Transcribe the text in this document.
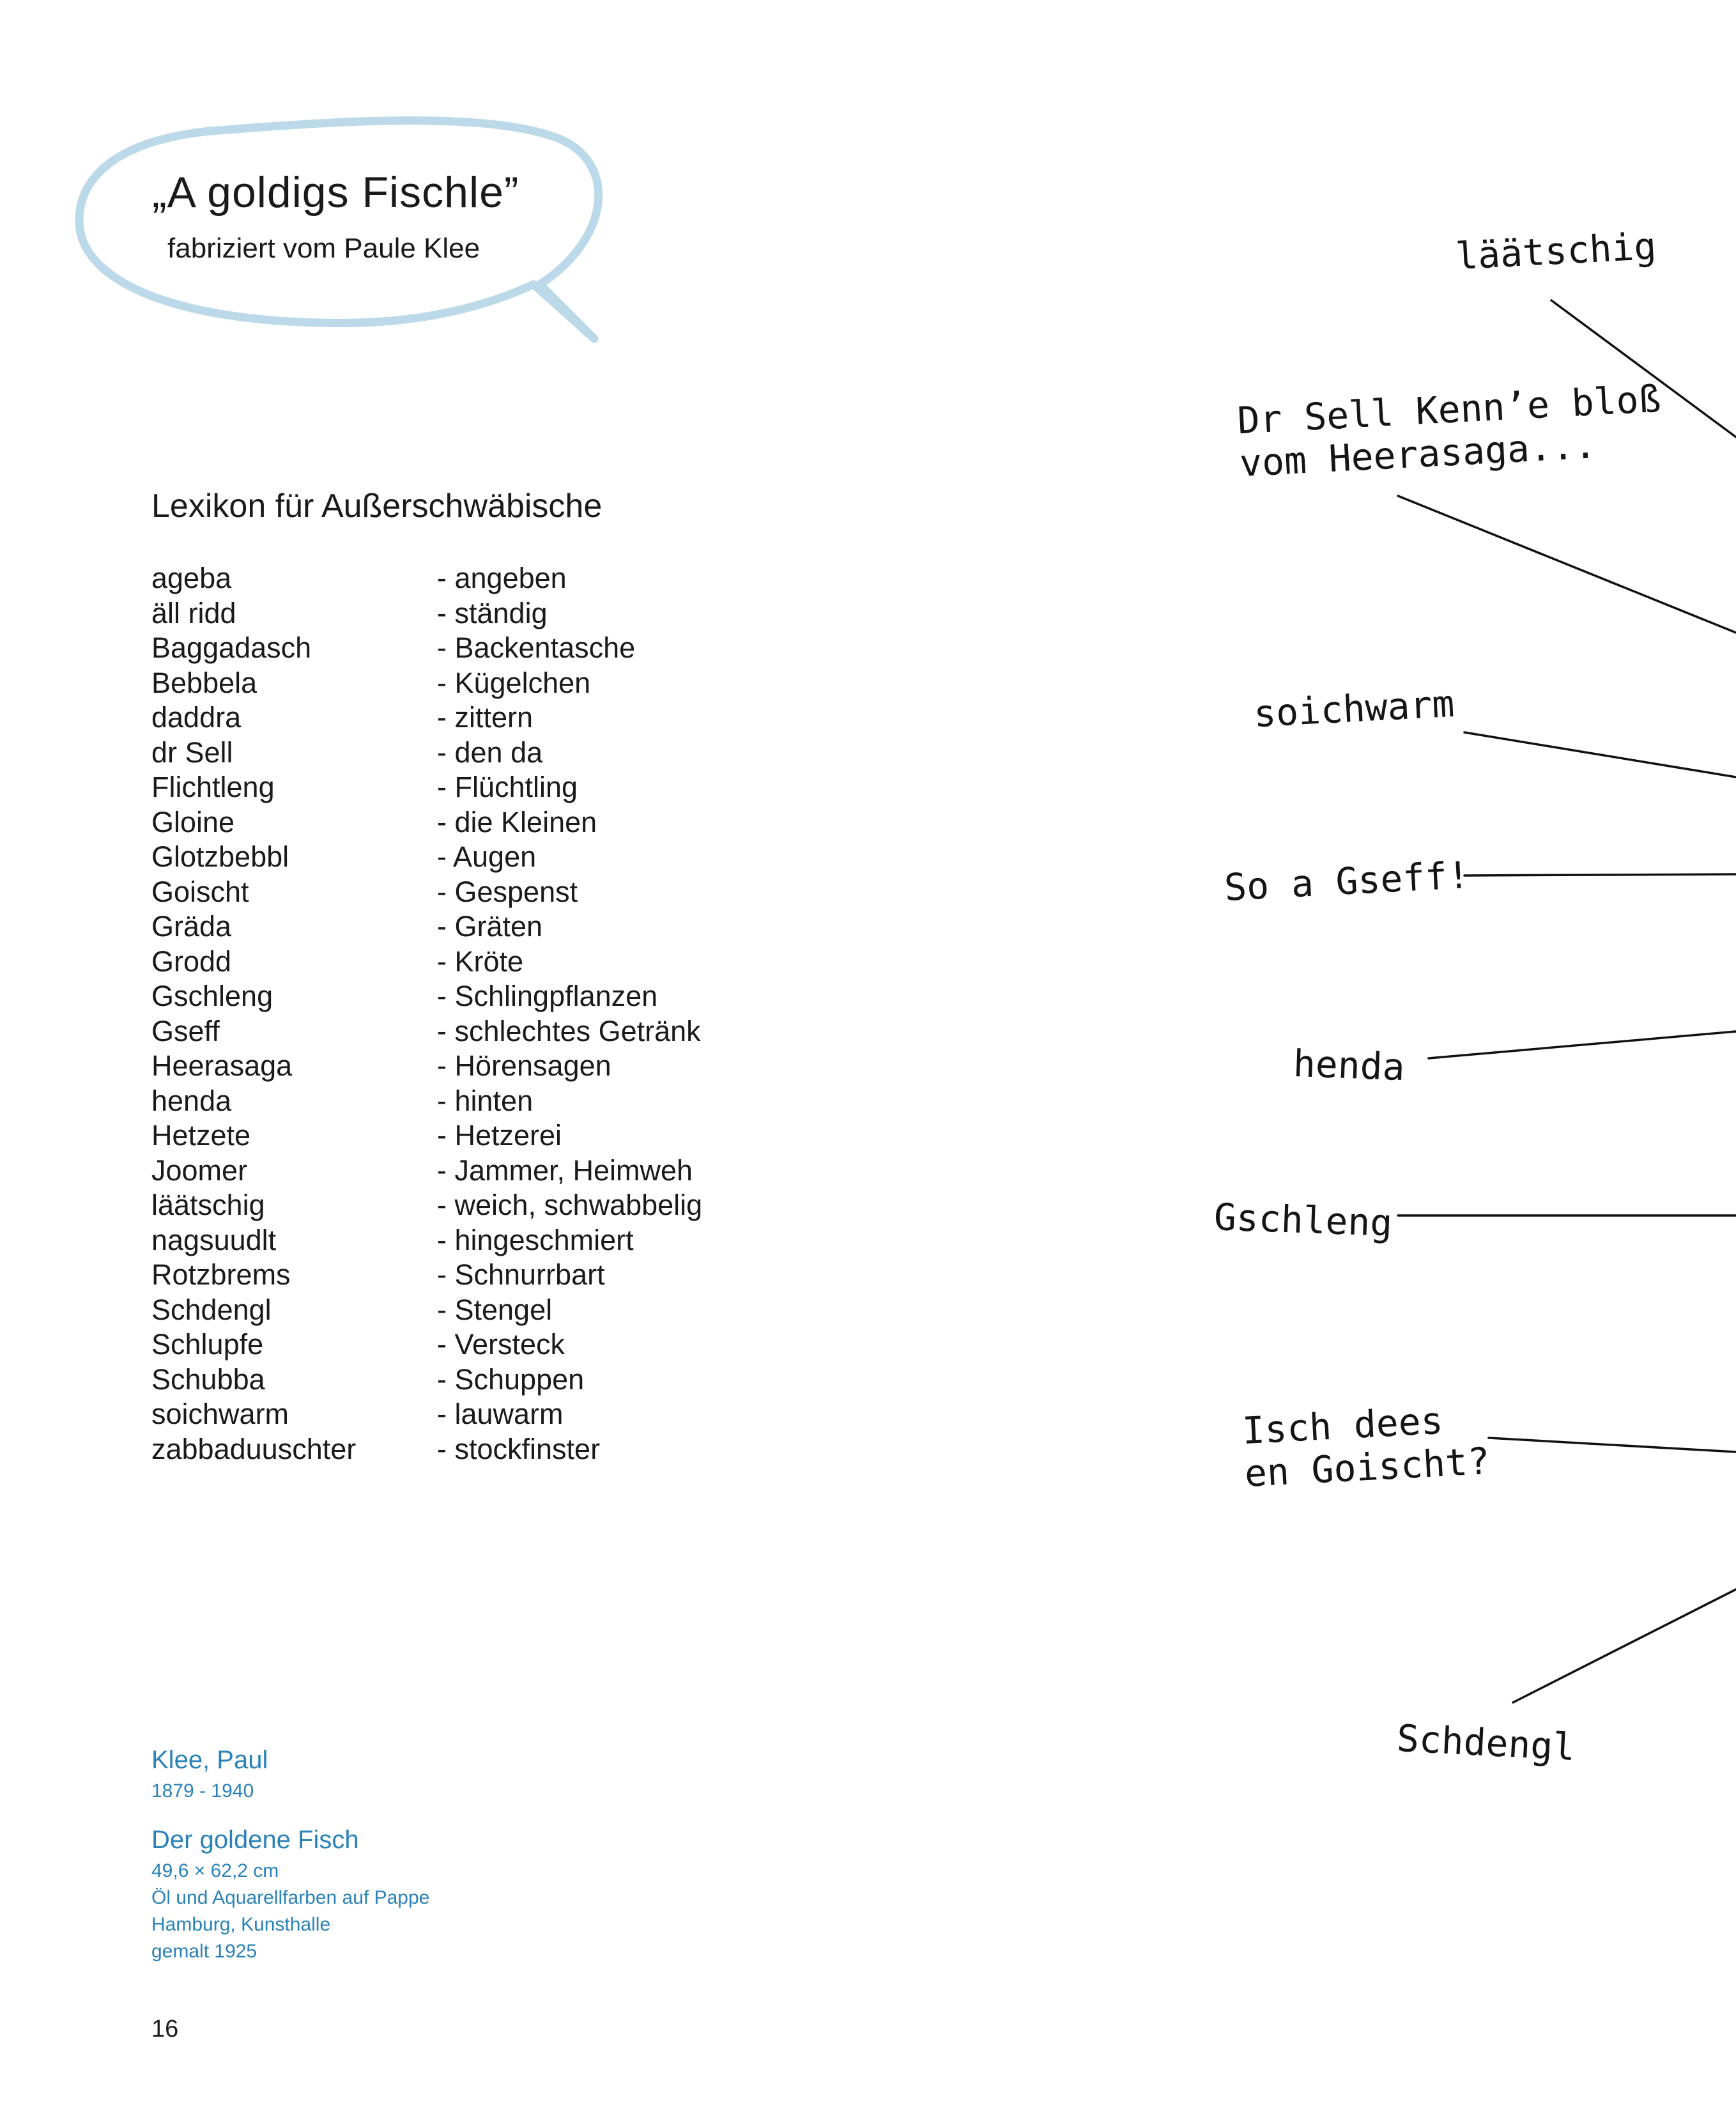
„A goldigs Fischle”
fabriziert vom Paule Klee
Lexikon für Außerschwäbische
ageba	- angeben
äll ridd	- ständig
Baggadasch	- Backentasche
Bebbela	- Kügelchen
daddra	- zittern
dr Sell	- den da
Flichtleng	- Flüchtling
Gloine	- die Kleinen
Glotzbebbl	- Augen
Goischt	- Gespenst
Gräda	- Gräten
Grodd	- Kröte
Gschleng	- Schlingpflanzen
Gseff	- schlechtes Getränk
Heerasaga	- Hörensagen
henda	- hinten
Hetzete	- Hetzerei
Joomer	- Jammer, Heimweh
läätschig	- weich, schwabbelig
nagsuudlt	- hingeschmiert
Rotzbrems	- Schnurrbart
Schdengl	- Stengel
Schlupfe	- Versteck
Schubba	- Schuppen
soichwarm	- lauwarm
zabbaduuschter	- stockfinster
Klee, Paul
1879 - 1940
Der goldene Fisch
49,6 × 62,2 cm
Öl und Aquarellfarben auf Pappe
Hamburg, Kunsthalle
gemalt 1925
16
läätschig
Dr Sell Kenn’e bloß
vom Heerasaga...
soichwarm
So a Gseff!
henda
Gschleng
Isch dees
en Goischt?
Schdengl
